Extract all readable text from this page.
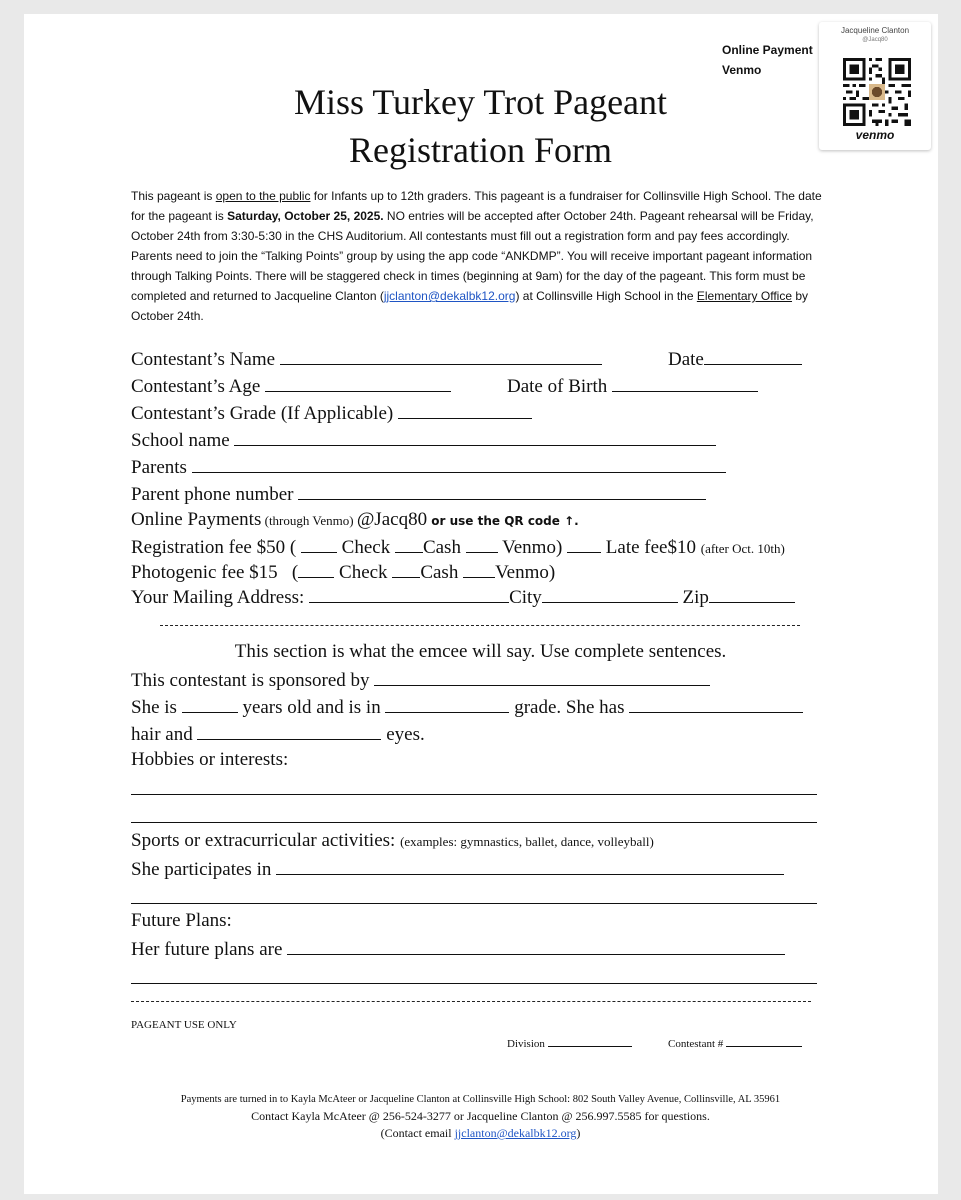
Online Payment
Venmo
Jacqueline Clanton
@Jacq80
venmo
Miss Turkey Trot Pageant
Registration Form
This pageant is open to the public for Infants up to 12th graders. This pageant is a fundraiser for Collinsville High School. The date for the pageant is Saturday, October 25, 2025. NO entries will be accepted after October 24th. Pageant rehearsal will be Friday, October 24th from 3:30-5:30 in the CHS Auditorium. All contestants must fill out a registration form and pay fees accordingly. Parents need to join the “Talking Points” group by using the app code “ANKDMP”. You will receive important pageant information through Talking Points. There will be staggered check in times (beginning at 9am) for the day of the pageant. This form must be completed and returned to Jacqueline Clanton (jjclanton@dekalbk12.org) at Collinsville High School in the Elementary Office by October 24th.
Contestant’s Name	Date
Contestant’s Age	Date of Birth
Contestant’s Grade (If Applicable)
School name
Parents
Parent phone number
Online Payments (through Venmo) @Jacq80 or use the QR code ↑.
Registration fee $50 ( Check Cash Venmo) Late fee$10 (after Oct. 10th)
Photogenic fee $15   ( Check Cash Venmo)
Your Mailing Address:	City	Zip
This section is what the emcee will say. Use complete sentences.
This contestant is sponsored by
She is	years old and is in	grade. She has
hair and	eyes.
Hobbies or interests:
Sports or extracurricular activities: (examples: gymnastics, ballet, dance, volleyball)
She participates in
Future Plans:
Her future plans are
PAGEANT USE ONLY
Division	Contestant #
Payments are turned in to Kayla McAteer or Jacqueline Clanton at Collinsville High School: 802 South Valley Avenue, Collinsville, AL 35961
Contact Kayla McAteer @ 256-524-3277 or Jacqueline Clanton @ 256.997.5585 for questions.
(Contact email jjclanton@dekalbk12.org)
